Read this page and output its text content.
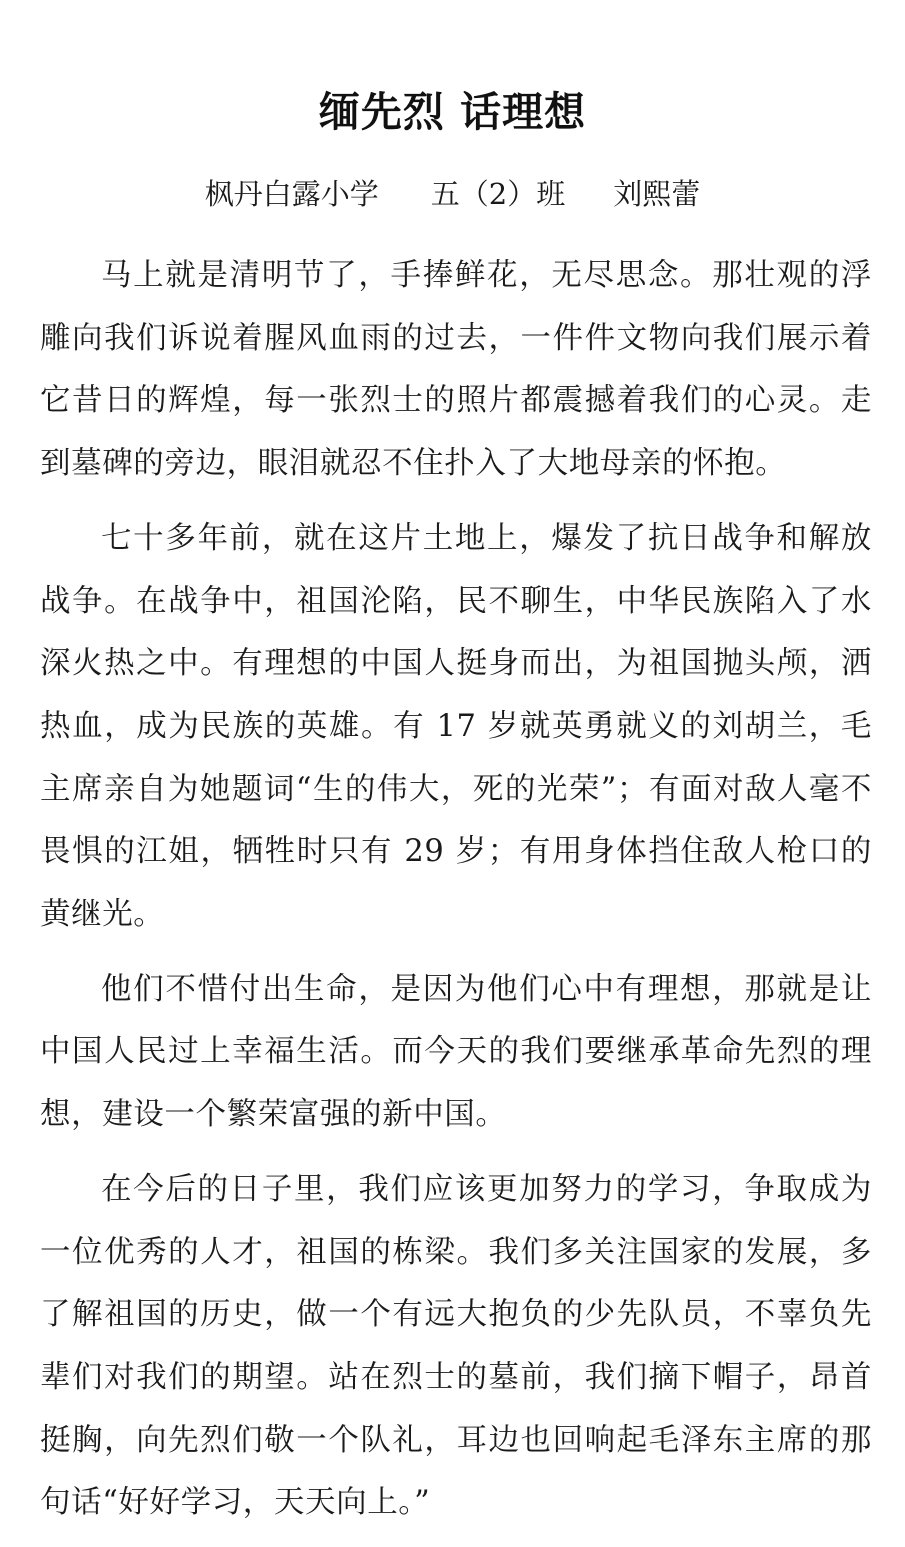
缅先烈 话理想
枫丹白露小学 五（2）班 刘熙蕾

马上就是清明节了，手捧鲜花，无尽思念。那壮观的浮雕向我们诉说着腥风血雨的过去，一件件文物向我们展示着它昔日的辉煌，每一张烈士的照片都震撼着我们的心灵。走到墓碑的旁边，眼泪就忍不住扑入了大地母亲的怀抱。

七十多年前，就在这片土地上，爆发了抗日战争和解放战争。在战争中，祖国沦陷，民不聊生，中华民族陷入了水深火热之中。有理想的中国人挺身而出，为祖国抛头颅，洒热血，成为民族的英雄。有 17 岁就英勇就义的刘胡兰，毛主席亲自为她题词“生的伟大，死的光荣”；有面对敌人毫不畏惧的江姐，牺牲时只有 29 岁；有用身体挡住敌人枪口的黄继光。

他们不惜付出生命，是因为他们心中有理想，那就是让中国人民过上幸福生活。而今天的我们要继承革命先烈的理想，建设一个繁荣富强的新中国。

在今后的日子里，我们应该更加努力的学习，争取成为一位优秀的人才，祖国的栋梁。我们多关注国家的发展，多了解祖国的历史，做一个有远大抱负的少先队员，不辜负先辈们对我们的期望。站在烈士的墓前，我们摘下帽子，昂首挺胸，向先烈们敬一个队礼，耳边也回响起毛泽东主席的那句话“好好学习，天天向上。”
